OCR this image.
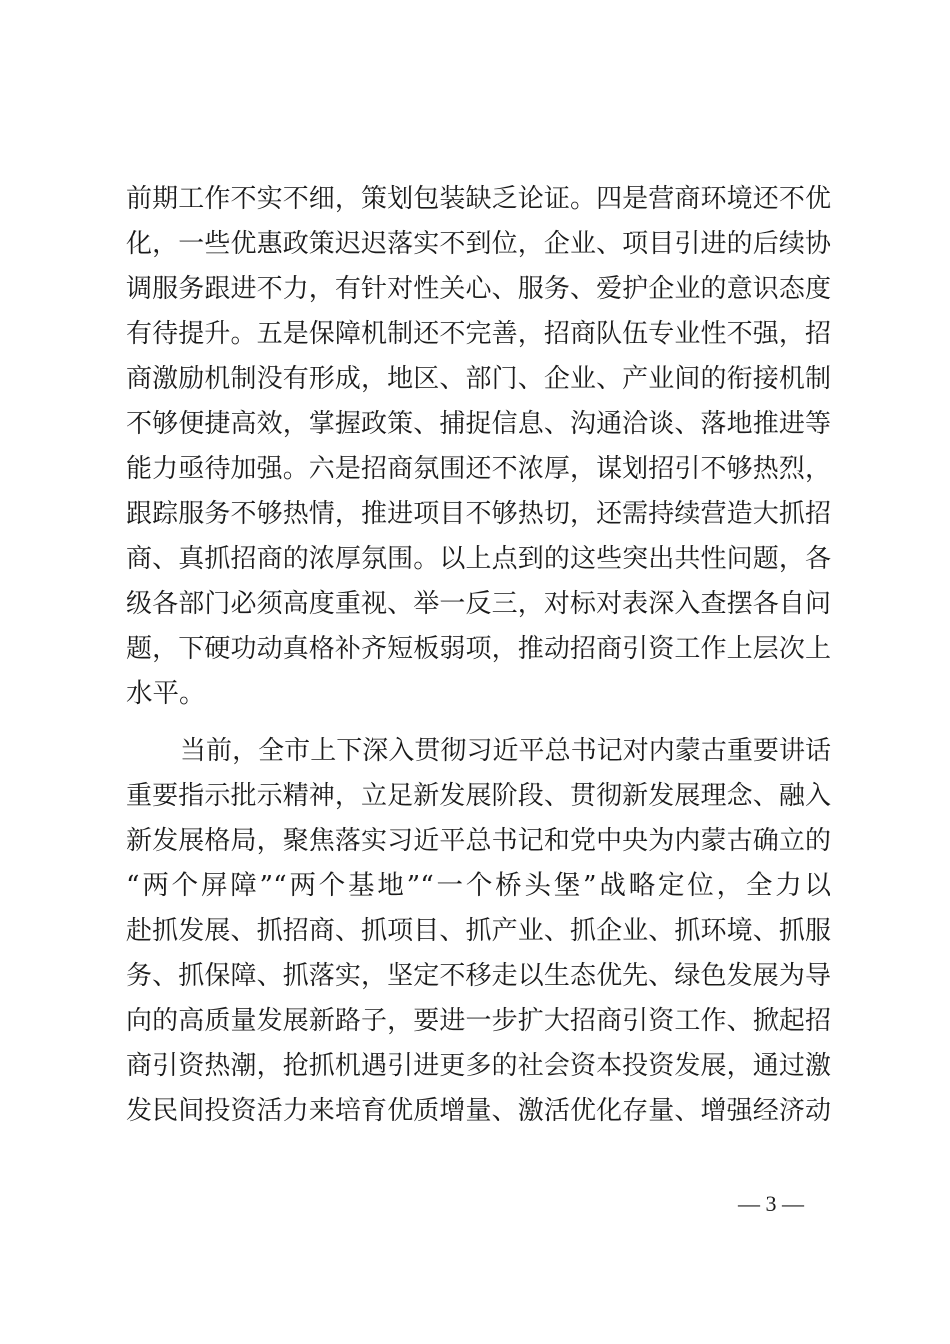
前期工作不实不细，策划包装缺乏论证。四是营商环境还不优
化，一些优惠政策迟迟落实不到位，企业、项目引进的后续协
调服务跟进不力，有针对性关心、服务、爱护企业的意识态度
有待提升。五是保障机制还不完善，招商队伍专业性不强，招
商激励机制没有形成，地区、部门、企业、产业间的衔接机制
不够便捷高效，掌握政策、捕捉信息、沟通洽谈、落地推进等
能力亟待加强。六是招商氛围还不浓厚，谋划招引不够热烈，
跟踪服务不够热情，推进项目不够热切，还需持续营造大抓招
商、真抓招商的浓厚氛围。以上点到的这些突出共性问题，各
级各部门必须高度重视、举一反三，对标对表深入查摆各自问
题，下硬功动真格补齐短板弱项，推动招商引资工作上层次上
水平。
当前，全市上下深入贯彻习近平总书记对内蒙古重要讲话
重要指示批示精神，立足新发展阶段、贯彻新发展理念、融入
新发展格局，聚焦落实习近平总书记和党中央为内蒙古确立的
“两个屏障”“两个基地”“一个桥头堡”战略定位，全力以
赴抓发展、抓招商、抓项目、抓产业、抓企业、抓环境、抓服
务、抓保障、抓落实，坚定不移走以生态优先、绿色发展为导
向的高质量发展新路子，要进一步扩大招商引资工作、掀起招
商引资热潮，抢抓机遇引进更多的社会资本投资发展，通过激
发民间投资活力来培育优质增量、激活优化存量、增强经济动
— 3 —
